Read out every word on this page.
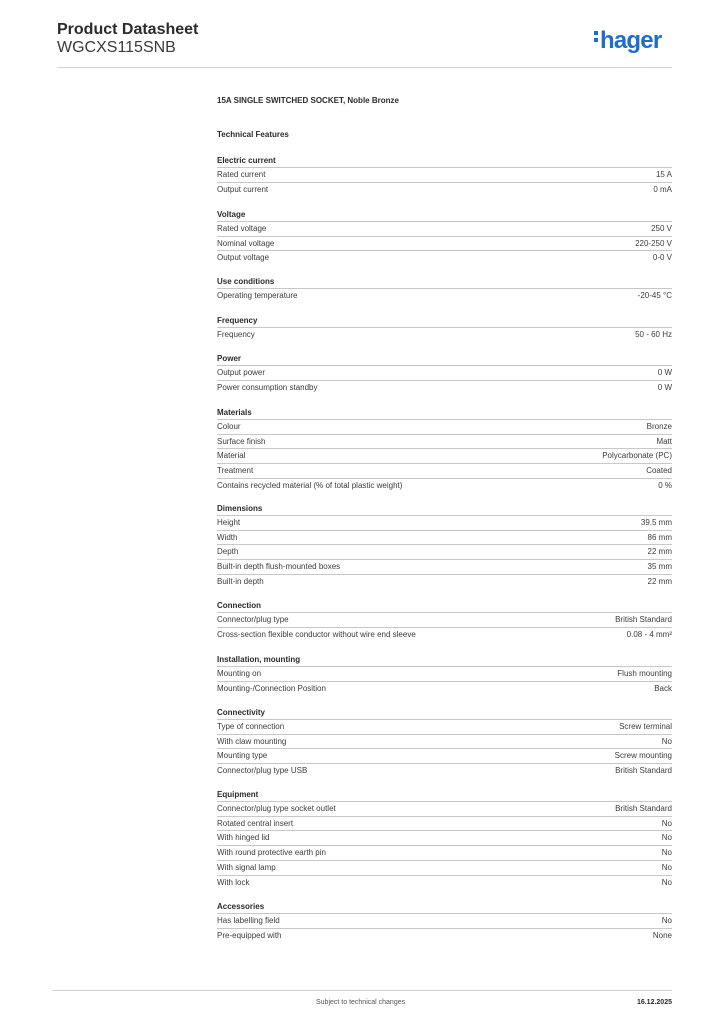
Product Datasheet
WGCXS115SNB	hager
15A SINGLE SWITCHED SOCKET, Noble Bronze
Technical Features
Electric current
Rated current	15 A
Output current	0 mA
Voltage
Rated voltage	250 V
Nominal voltage	220-250 V
Output voltage	0-0 V
Use conditions
Operating temperature	-20-45 °C
Frequency
Frequency	50 - 60 Hz
Power
Output power	0 W
Power consumption standby	0 W
Materials
Colour	Bronze
Surface finish	Matt
Material	Polycarbonate (PC)
Treatment	Coated
Contains recycled material (% of total plastic weight)	0 %
Dimensions
Height	39.5 mm
Width	86 mm
Depth	22 mm
Built-in depth flush-mounted boxes	35 mm
Built-in depth	22 mm
Connection
Connector/plug type	British Standard
Cross-section flexible conductor without wire end sleeve	0.08 - 4 mm²
Installation, mounting
Mounting on	Flush mounting
Mounting-/Connection Position	Back
Connectivity
Type of connection	Screw terminal
With claw mounting	No
Mounting type	Screw mounting
Connector/plug type USB	British Standard
Equipment
Connector/plug type socket outlet	British Standard
Rotated central insert	No
With hinged lid	No
With round protective earth pin	No
With signal lamp	No
With lock	No
Accessories
Has labelling field	No
Pre-equipped with	None
Subject to technical changes	16.12.2025
